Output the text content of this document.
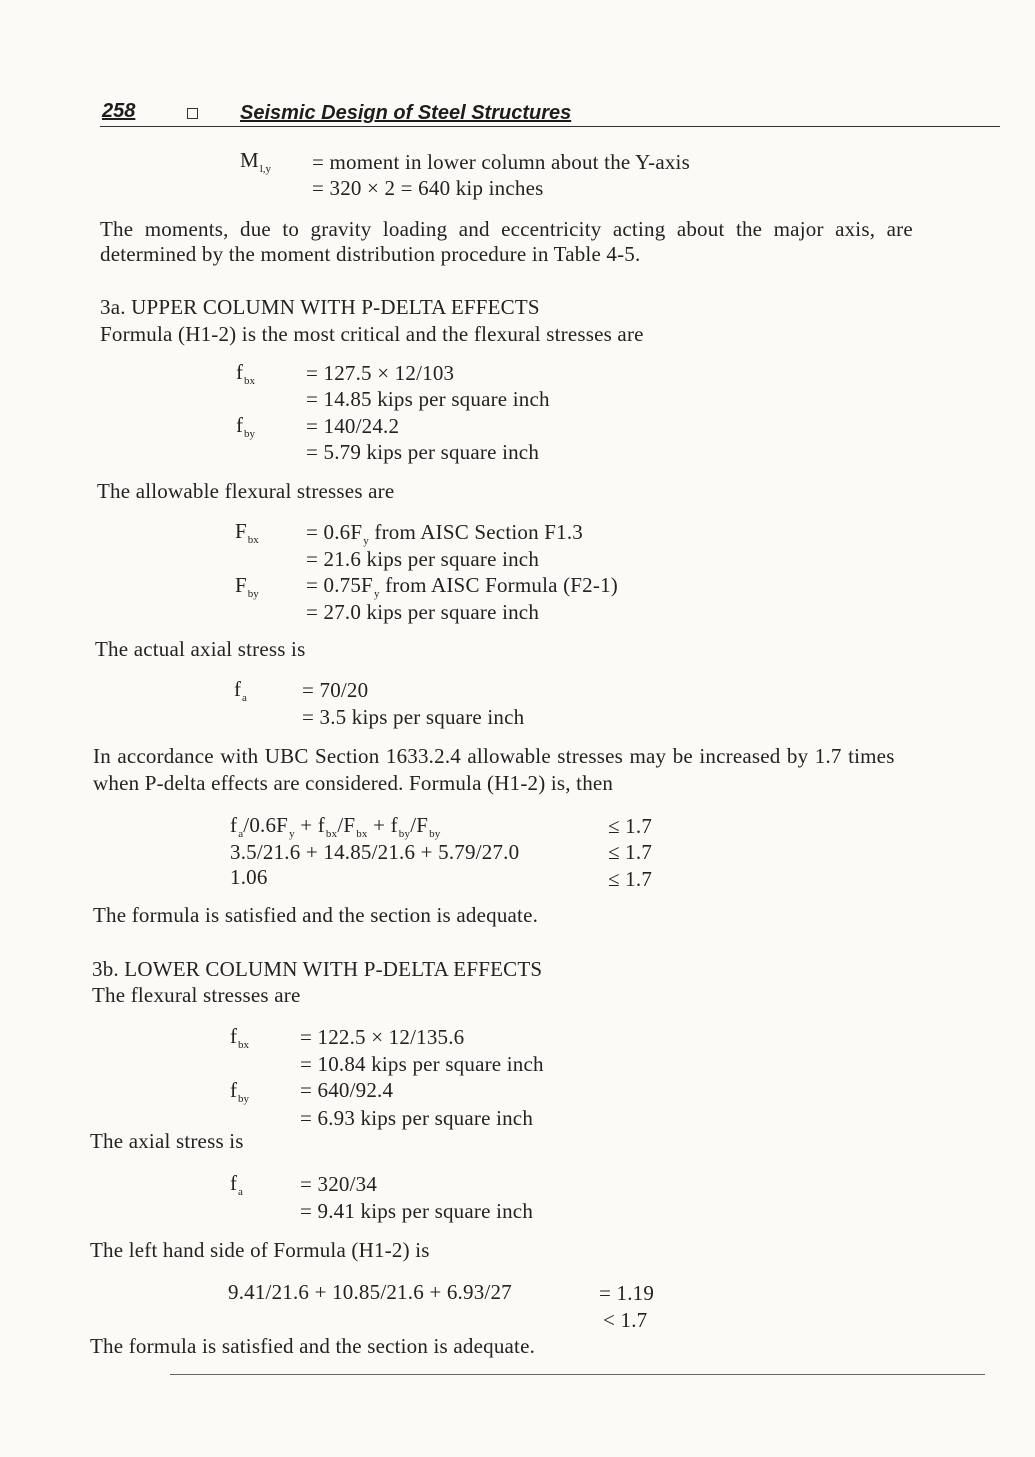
258	Seismic Design of Steel Structures
$M_{l,y}$ = moment in lower column about the Y-axis
= 320 × 2 = 640 kip inches
The moments, due to gravity loading and eccentricity acting about the major axis, are
determined by the moment distribution procedure in Table 4-5.
3a. UPPER COLUMN WITH P-DELTA EFFECTS
Formula (H1-2) is the most critical and the flexural stresses are
$f_{bx} = 127.5 \times 12/103$
= 14.85 kips per square inch
$f_{by} = 140/24.2$
= 5.79 kips per square inch
The allowable flexural stresses are
$F_{bx} = 0.6F_y$ from AISC Section F1.3
= 21.6 kips per square inch
$F_{by} = 0.75F_y$ from AISC Formula (F2-1)
= 27.0 kips per square inch
The actual axial stress is
$f_a$	= 70/20
= 3.5 kips per square inch
In accordance with UBC Section 1633.2.4 allowable stresses may be increased by 1.7 times
when P-delta effects are considered. Formula (H1-2) is, then
$f_a/0.6F_y + f_{bx}/F_{bx} + f_{by}/F_{by}$	≤ 1.7
3.5/21.6 + 14.85/21.6 + 5.79/27.0	≤ 1.7
1.06	≤ 1.7
The formula is satisfied and the section is adequate.
3b. LOWER COLUMN WITH P-DELTA EFFECTS
The flexural stresses are
$f_{bx} = 122.5 \times 12/135.6$
= 10.84 kips per square inch
$f_{by} = 640/92.4$
= 6.93 kips per square inch
The axial stress is
$f_a$	= 320/34
= 9.41 kips per square inch
The left hand side of Formula (H1-2) is
9.41/21.6 + 10.85/21.6 + 6.93/27	= 1.19
< 1.7
The formula is satisfied and the section is adequate.
